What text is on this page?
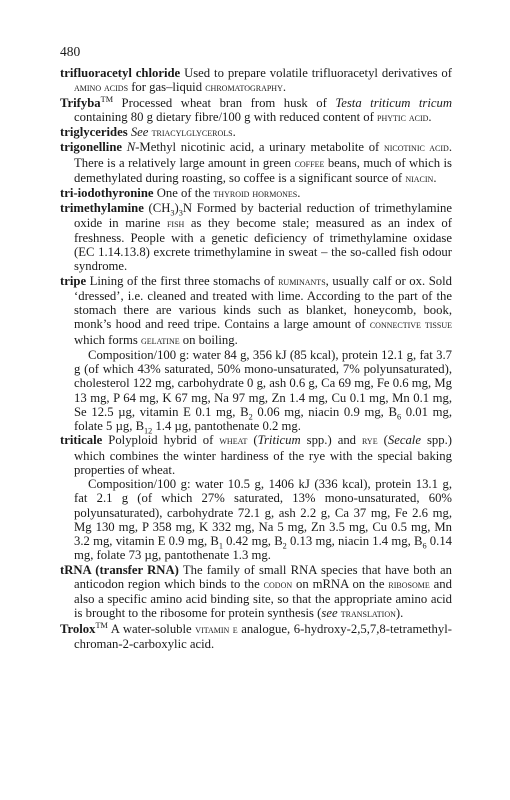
480

trifluoracetyl chloride Used to prepare volatile trifluoracetyl derivatives of amino acids for gas–liquid chromatography.

Trifyba™ Processed wheat bran from husk of Testa triticum tricum containing 80 g dietary fibre/100 g with reduced content of phytic acid.

triglycerides See triacylglycerols.

trigonelline N-Methyl nicotinic acid, a urinary metabolite of nicotinic acid. There is a relatively large amount in green coffee beans, much of which is demethylated during roasting, so coffee is a significant source of niacin.

tri-iodothyronine One of the thyroid hormones.

trimethylamine $(CH_3)_3N$ Formed by bacterial reduction of trimethylamine oxide in marine fish as they become stale; measured as an index of freshness. People with a genetic deficiency of trimethylamine oxidase (EC 1.14.13.8) excrete trimethylamine in sweat – the so-called fish odour syndrome.

tripe Lining of the first three stomachs of ruminants, usually calf or ox. Sold ‘dressed’, i.e. cleaned and treated with lime. According to the part of the stomach there are various kinds such as blanket, honeycomb, book, monk’s hood and reed tripe. Contains a large amount of connective tissue which forms gelatine on boiling.

Composition/100 g: water 84 g, 356 kJ (85 kcal), protein 12.1 g, fat 3.7 g (of which 43% saturated, 50% mono-unsaturated, 7% polyunsaturated), cholesterol 122 mg, carbohydrate 0 g, ash 0.6 g, Ca 69 mg, Fe 0.6 mg, Mg 13 mg, P 64 mg, K 67 mg, Na 97 mg, Zn 1.4 mg, Cu 0.1 mg, Mn 0.1 mg, Se 12.5 µg, vitamin E 0.1 mg, $B_2$ 0.06 mg, niacin 0.9 mg, $B_6$ 0.01 mg, folate 5 µg, $B_{12}$ 1.4 µg, pantothenate 0.2 mg.

triticale Polyploid hybrid of wheat (Triticum spp.) and rye (Secale spp.) which combines the winter hardiness of the rye with the special baking properties of wheat.

Composition/100 g: water 10.5 g, 1406 kJ (336 kcal), protein 13.1 g, fat 2.1 g (of which 27% saturated, 13% mono-unsaturated, 60% polyunsaturated), carbohydrate 72.1 g, ash 2.2 g, Ca 37 mg, Fe 2.6 mg, Mg 130 mg, P 358 mg, K 332 mg, Na 5 mg, Zn 3.5 mg, Cu 0.5 mg, Mn 3.2 mg, vitamin E 0.9 mg, $B_1$ 0.42 mg, $B_2$ 0.13 mg, niacin 1.4 mg, $B_6$ 0.14 mg, folate 73 µg, pantothenate 1.3 mg.

tRNA (transfer RNA) The family of small RNA species that have both an anticodon region which binds to the codon on mRNA on the ribosome and also a specific amino acid binding site, so that the appropriate amino acid is brought to the ribosome for protein synthesis (see translation).

Trolox™ A water-soluble vitamin e analogue, 6-hydroxy-2,5,7,8-tetramethyl-chroman-2-carboxylic acid.
